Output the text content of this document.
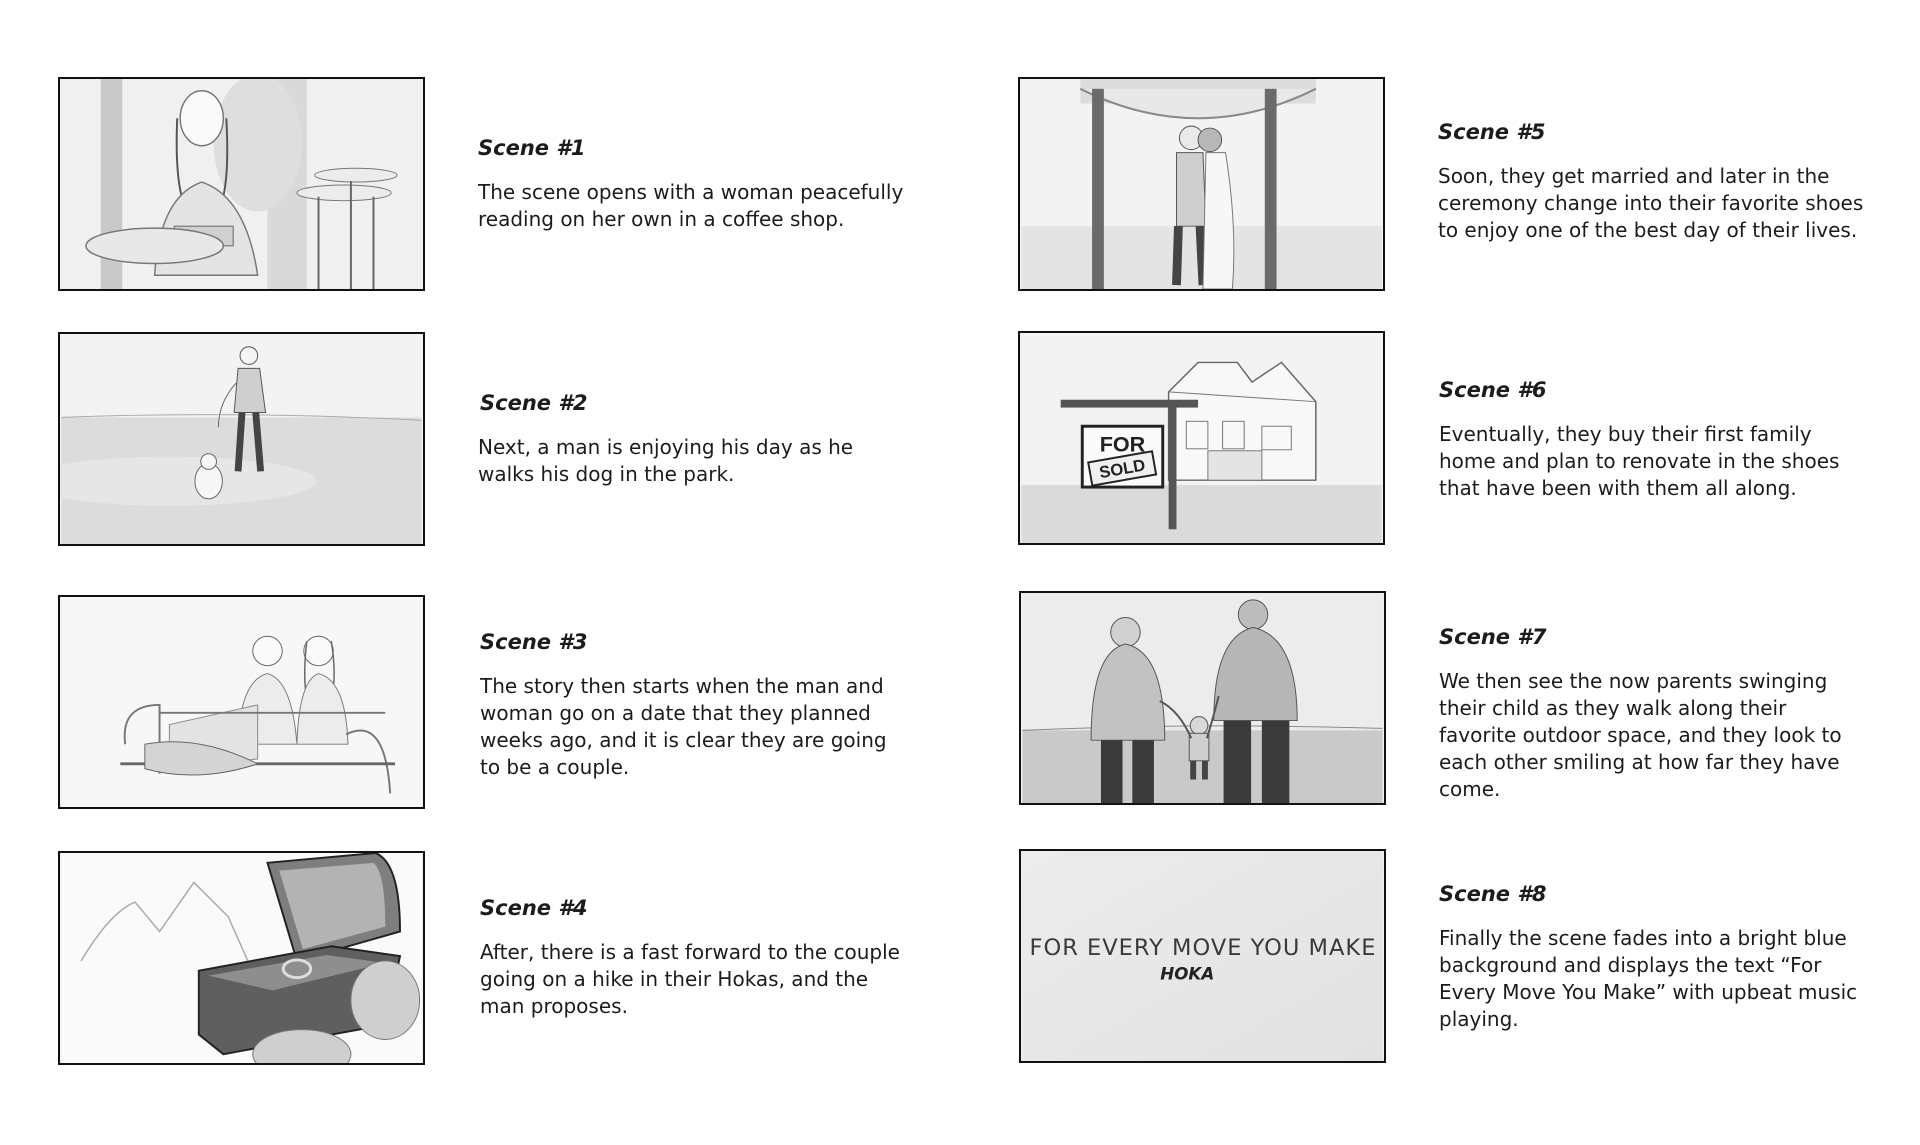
Scene #1

The scene opens with a woman peacefully reading on her own in a coffee shop.

Scene #2

Next, a man is enjoying his day as he walks his dog in the park.

Scene #3

The story then starts when the man and woman go on a date that they planned weeks ago, and it is clear they are going to be a couple.

Scene #4

After, there is a fast forward to the couple going on a hike in their Hokas, and the man proposes.

Scene #5

Soon, they get married and later in the ceremony change into their favorite shoes to enjoy one of the best day of their lives.

FOR
SOLD

Scene #6

Eventually, they buy their first family home and plan to renovate in the shoes that have been with them all along.

Scene #7

We then see the now parents swinging their child as they walk along their favorite outdoor space, and they look to each other smiling at how far they have come.

FOR EVERY MOVE YOU MAKE
HOKA

Scene #8

Finally the scene fades into a bright blue background and displays the text “For Every Move You Make” with upbeat music playing.
